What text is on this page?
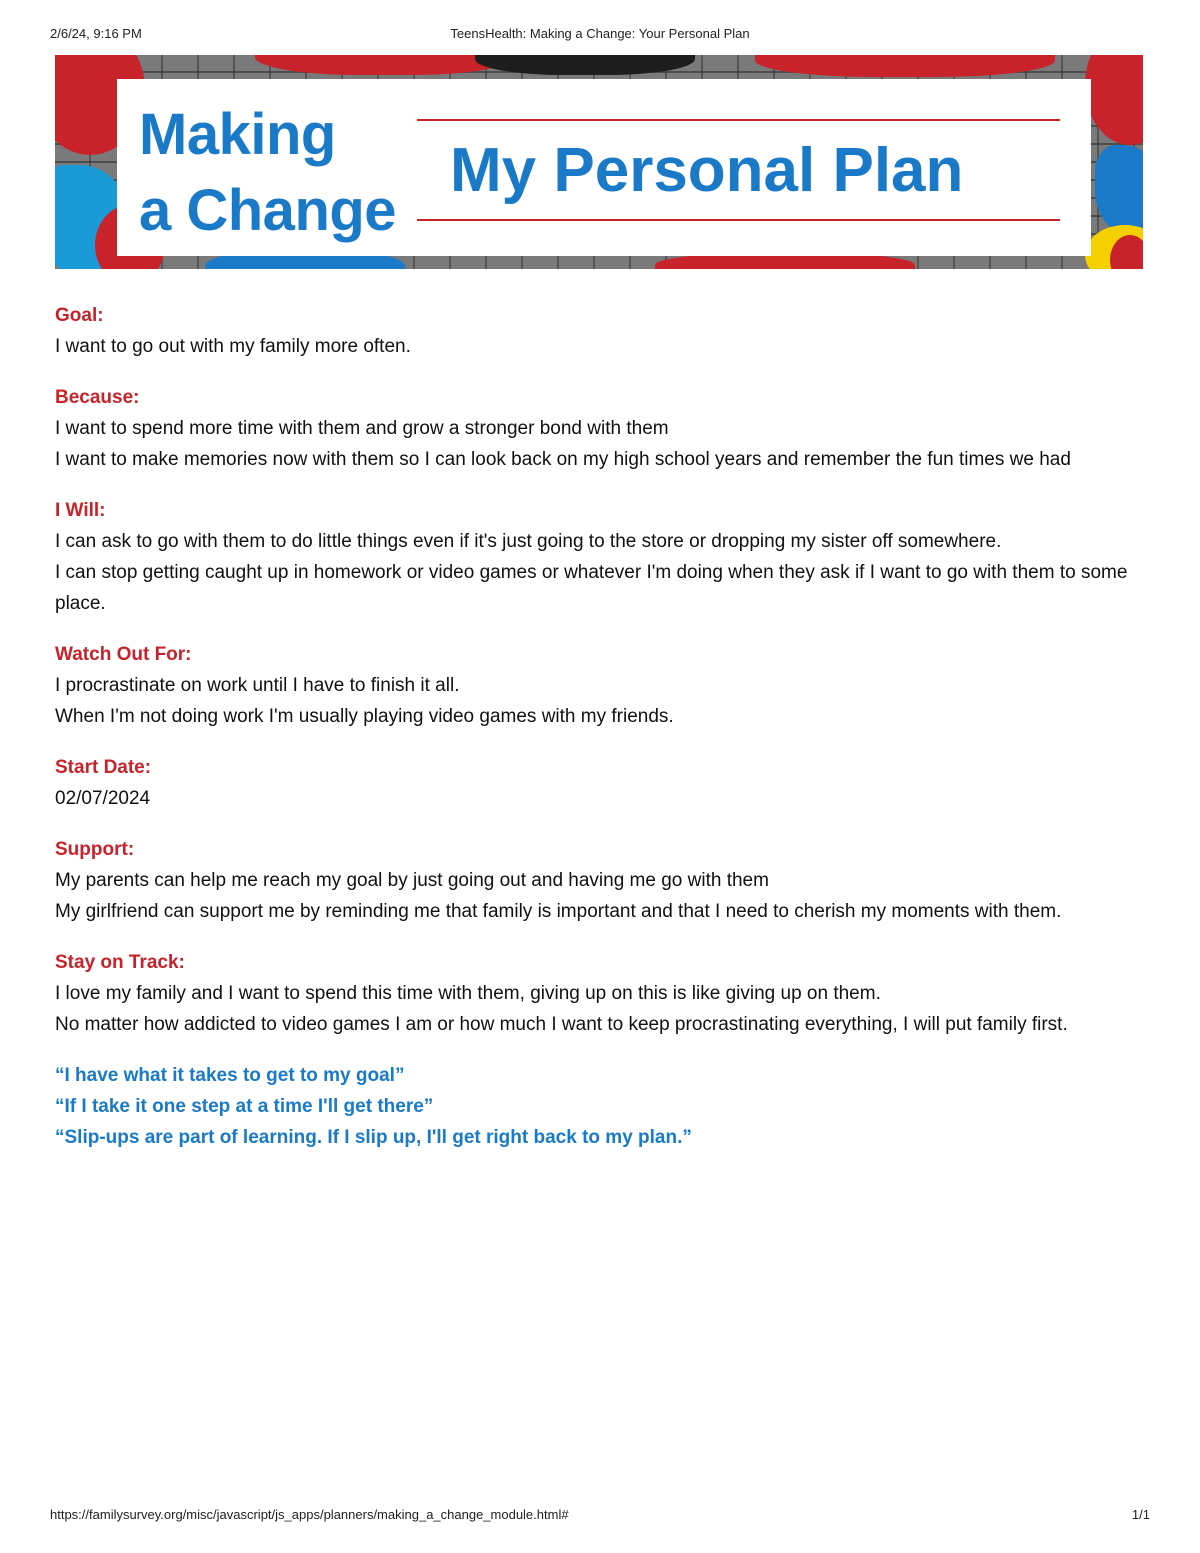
2/6/24, 9:16 PM	TeensHealth: Making a Change: Your Personal Plan
Making
a Change
My Personal Plan
Goal:
I want to go out with my family more often.
Because:
I want to spend more time with them and grow a stronger bond with them
I want to make memories now with them so I can look back on my high school years and remember the fun times we had
I Will:
I can ask to go with them to do little things even if it's just going to the store or dropping my sister off somewhere.
I can stop getting caught up in homework or video games or whatever I'm doing when they ask if I want to go with them to some place.
Watch Out For:
I procrastinate on work until I have to finish it all.
When I'm not doing work I'm usually playing video games with my friends.
Start Date:
02/07/2024
Support:
My parents can help me reach my goal by just going out and having me go with them
My girlfriend can support me by reminding me that family is important and that I need to cherish my moments with them.
Stay on Track:
I love my family and I want to spend this time with them, giving up on this is like giving up on them.
No matter how addicted to video games I am or how much I want to keep procrastinating everything, I will put family first.
“I have what it takes to get to my goal”
“If I take it one step at a time I'll get there”
“Slip-ups are part of learning. If I slip up, I'll get right back to my plan.”
https://familysurvey.org/misc/javascript/js_apps/planners/making_a_change_module.html#	1/1
